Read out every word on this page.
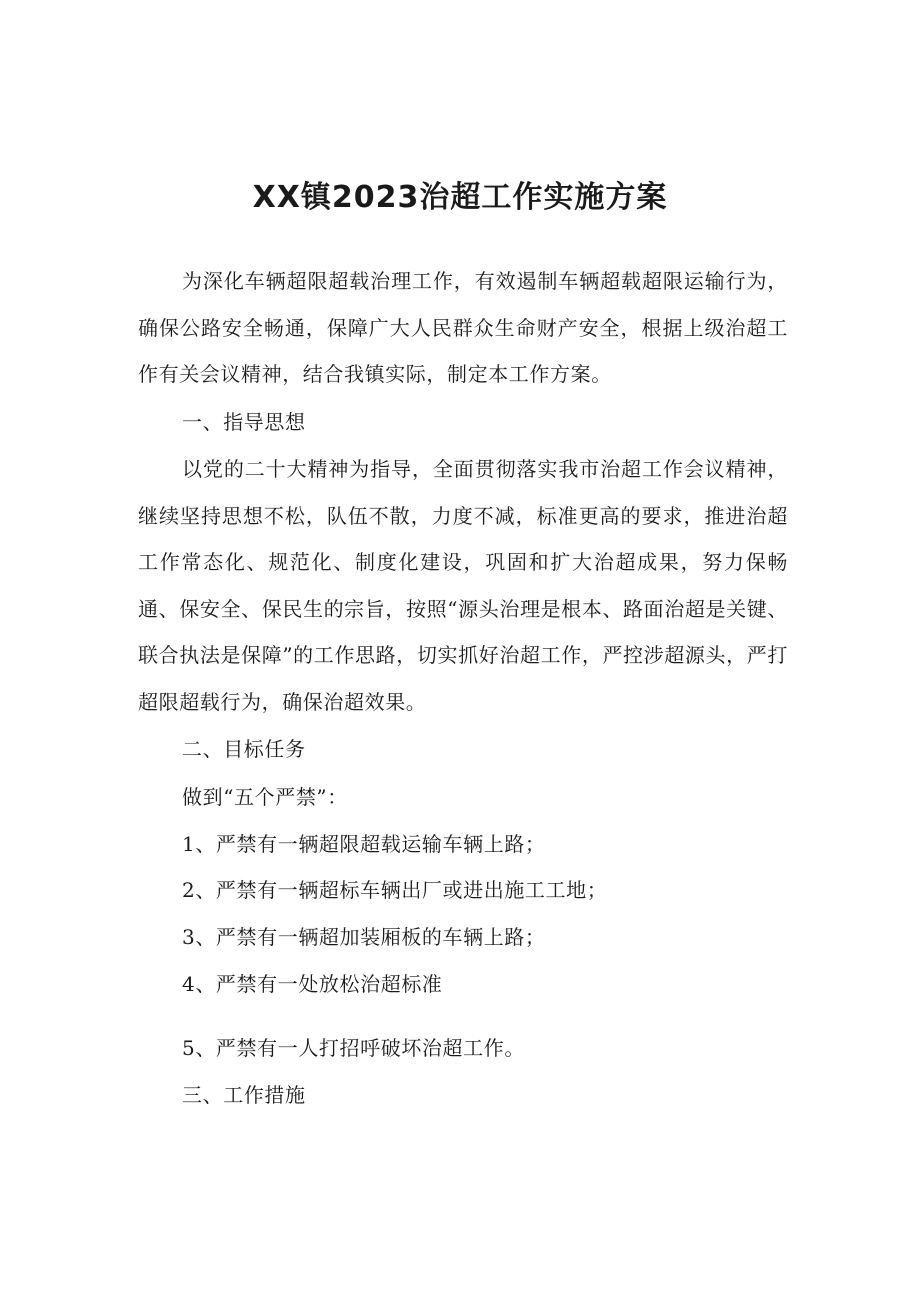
XX镇2023治超工作实施方案

为深化车辆超限超载治理工作，有效遏制车辆超载超限运输行为，确保公路安全畅通，保障广大人民群众生命财产安全，根据上级治超工作有关会议精神，结合我镇实际，制定本工作方案。

一、指导思想

以党的二十大精神为指导，全面贯彻落实我市治超工作会议精神，继续坚持思想不松，队伍不散，力度不减，标准更高的要求，推进治超工作常态化、规范化、制度化建设，巩固和扩大治超成果，努力保畅通、保安全、保民生的宗旨，按照“源头治理是根本、路面治超是关键、联合执法是保障”的工作思路，切实抓好治超工作，严控涉超源头，严打超限超载行为，确保治超效果。

二、目标任务

做到“五个严禁”：

1、严禁有一辆超限超载运输车辆上路；

2、严禁有一辆超标车辆出厂或进出施工工地；

3、严禁有一辆超加装厢板的车辆上路；

4、严禁有一处放松治超标准

5、严禁有一人打招呼破坏治超工作。

三、工作措施
